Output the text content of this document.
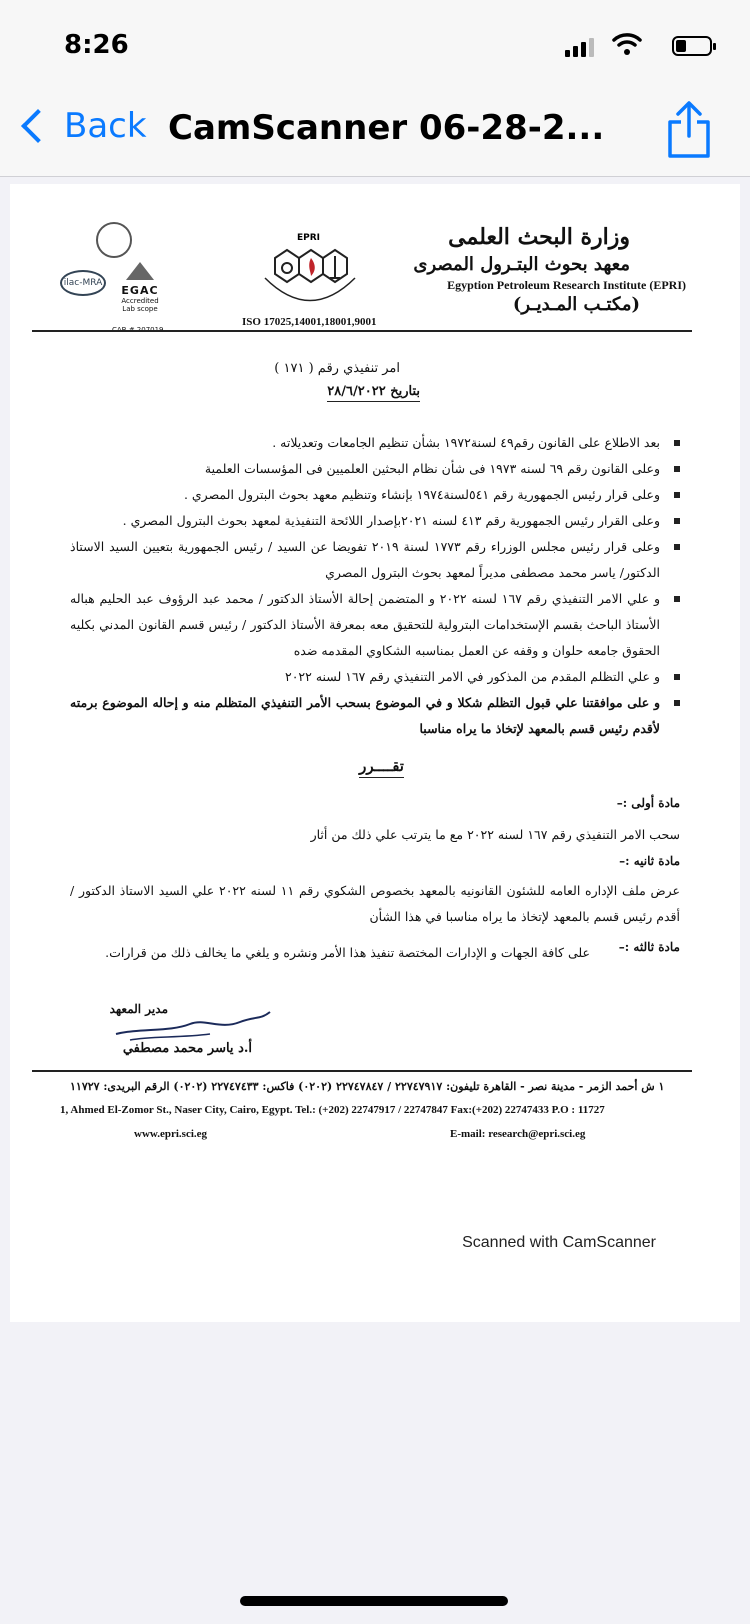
8:26
Back CamScanner 06-28-2...
وزارة البحث العلمى
معهد بحوث البتـرول المصرى
Egyption Petroleum Research Institute (EPRI)
(مكتـب المـديـر)
EPRI
ISO 17025,14001,18001,9001
ilac-MRA
EGAC
Accredited
Lab scope
امر تنفيذي رقم ( ١٧١ )
بتاريخ ٢٨/٦/٢٠٢٢
بعد الاطلاع على القانون رقم٤٩ لسنة١٩٧٢ بشأن تنظيم الجامعات وتعديلاته .
وعلى القانون رقم ٦٩ لسنه ١٩٧٣ فى شأن نظام البحثين العلميين فى المؤسسات العلمية
وعلى قرار رئيس الجمهورية رقم ٥٤١لسنة١٩٧٤ بإنشاء وتنظيم معهد بحوث البترول المصري .
وعلى القرار رئيس الجمهورية رقم ٤١٣ لسنه ٢٠٢١بإصدار اللائحة التنفيذية لمعهد بحوث البترول المصري .
وعلى قرار رئيس مجلس الوزراء رقم ١٧٧٣ لسنة ٢٠١٩ تفويضا عن السيد / رئيس الجمهورية بتعيين السيد الاستاذ الدكتور/ ياسر محمد مصطفى مديراً لمعهد بحوث البترول المصري
و علي الامر التنفيذي رقم ١٦٧ لسنه ٢٠٢٢ و المتضمن إحالة الأستاذ الدكتور / محمد عبد الرؤوف عبد الحليم هباله الأستاذ الباحث بقسم الإستخدامات البترولية للتحقيق معه بمعرفة الأستاذ الدكتور / رئيس قسم القانون المدني بكليه الحقوق جامعه حلوان و وقفه عن العمل بمناسبه الشكاوي المقدمه ضده
و علي التظلم المقدم من المذكور في الامر التنفيذي رقم ١٦٧ لسنه ٢٠٢٢
و على موافقتنا علي قبول التظلم شكلا و في الموضوع بسحب الأمر التنفيذي المتظلم منه و إحاله الموضوع برمته لأقدم رئيس قسم بالمعهد لإتخاذ ما يراه مناسبا
تقــــرر
مادة أولى :–
سحب الامر التنفيذي رقم ١٦٧ لسنه ٢٠٢٢ مع ما يترتب علي ذلك من أثار
مادة ثانيه :–
عرض ملف الإداره العامه للشئون القانونيه بالمعهد بخصوص الشكوي رقم ١١ لسنه ٢٠٢٢ علي السيد الاستاذ الدكتور / أقدم رئيس قسم بالمعهد لإتخاذ ما يراه مناسبا في هذا الشأن
مادة ثالثه :–
على كافة الجهات و الإدارات المختصة تنفيذ هذا الأمر ونشره و يلغي ما يخالف ذلك من قرارات.
مدير المعهد
أ.د ياسر محمد مصطفي
١ ش أحمد الزمر - مدينة نصر - القاهرة تليفون: ٢٢٧٤٧٩١٧ / ٢٢٧٤٧٨٤٧ (٠٢٠٢) فاكس: ٢٢٧٤٧٤٣٣ (٠٢٠٢) الرقم البريدى: ١١٧٢٧
1, Ahmed El-Zomor St., Naser City, Cairo, Egypt. Tel.: (+202) 22747917 / 22747847 Fax:(+202) 22747433 P.O : 11727
www.epri.sci.eg	E-mail: research@epri.sci.eg
Scanned with CamScanner
